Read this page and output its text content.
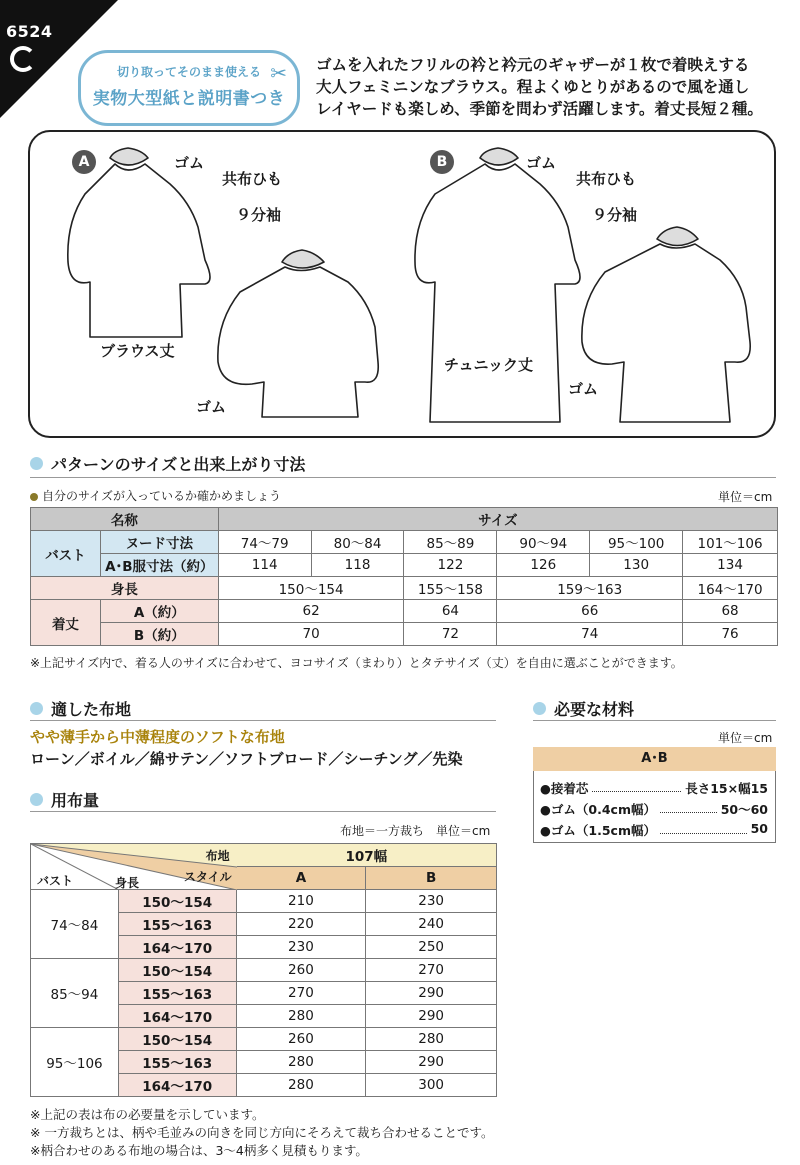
6524
切り取ってそのまま使える
実物大型紙と説明書つき
✂ ゴムを入れたフリルの衿と衿元のギャザーが１枚で着映えする
大人フェミニンなブラウス。程よくゆとりがあるので風を通し
レイヤードも楽しめ、季節を問わず活躍します。着丈長短２種。
A	B
ゴム
共布ひも
９分袖
ブラウス丈
ゴム
ゴム
共布ひも
９分袖
チュニック丈
ゴム
パターンのサイズと出来上がり寸法
自分のサイズが入っているか確かめましょう	単位＝cm
名称		サイズ					
バスト	ヌード寸法	74～79	80～84	85～89	90～94	95～100	101～106
	A･B服寸法（約）	114	118	122	126	130	134
身長		150～154		155～158	159～163		164～170
着丈	A（約）	62		64	66		68
	B（約）	70		72	74		76
※上記サイズ内で、着る人のサイズに合わせて、ヨコサイズ（まわり）とタテサイズ（丈）を自由に選ぶことができます。
適した布地
やや薄手から中薄程度のソフトな布地
ローン／ボイル／綿サテン／ソフトブロード／シーチング／先染
必要な材料
単位＝cm
A･B
●接着芯	長さ15×幅15
●ゴム（0.4cm幅）	50～60
●ゴム（1.5cm幅）	50
用布量
布地＝一方裁ち　単位＝cm
布地
スタイル
身長
バスト		107幅	
		A	B
74～84	150～154	210	230
	155～163	220	240
	164～170	230	250
85～94	150～154	260	270
	155～163	270	290
	164～170	280	290
95～106	150～154	260	280
	155～163	280	290
	164～170	280	300
※上記の表は布の必要量を示しています。
※ 一方裁ちとは、柄や毛並みの向きを同じ方向にそろえて裁ち合わせることです。
※柄合わせのある布地の場合は、3～4柄多く見積もります。
